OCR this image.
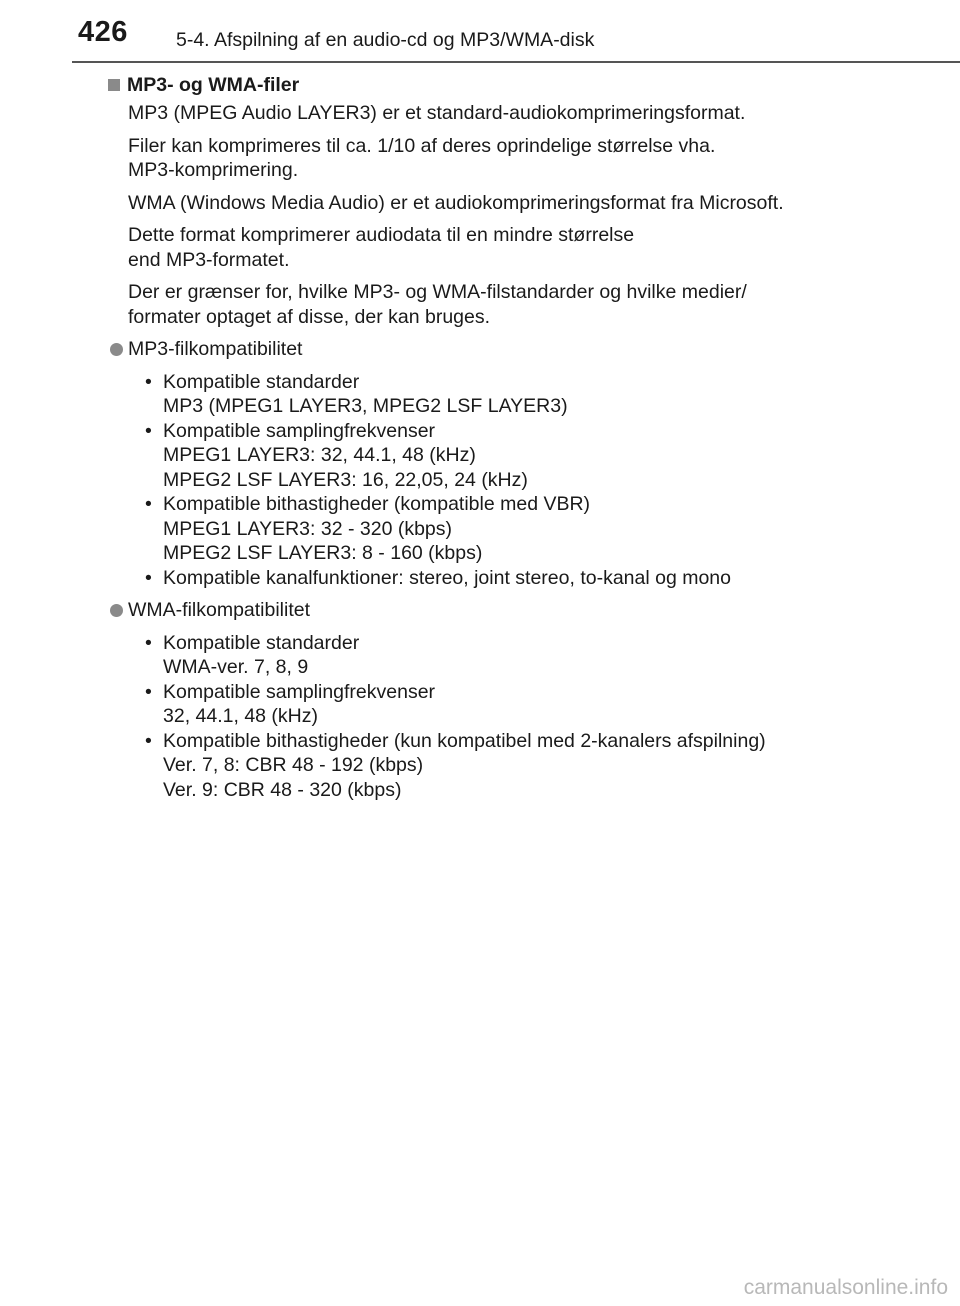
426 5-4. Afspilning af en audio-cd og MP3/WMA-disk
MP3- og WMA-filer
MP3 (MPEG Audio LAYER3) er et standard-audiokomprimeringsformat.
Filer kan komprimeres til ca. 1/10 af deres oprindelige størrelse vha.
MP3-komprimering.
WMA (Windows Media Audio) er et audiokomprimeringsformat fra Microsoft.
Dette format komprimerer audiodata til en mindre størrelse
end MP3-formatet.
Der er grænser for, hvilke MP3- og WMA-filstandarder og hvilke medier/
formater optaget af disse, der kan bruges.
MP3-filkompatibilitet
• Kompatible standarder
MP3 (MPEG1 LAYER3, MPEG2 LSF LAYER3)
• Kompatible samplingfrekvenser
MPEG1 LAYER3: 32, 44.1, 48 (kHz)
MPEG2 LSF LAYER3: 16, 22,05, 24 (kHz)
• Kompatible bithastigheder (kompatible med VBR)
MPEG1 LAYER3: 32 - 320 (kbps)
MPEG2 LSF LAYER3: 8 - 160 (kbps)
• Kompatible kanalfunktioner: stereo, joint stereo, to-kanal og mono
WMA-filkompatibilitet
• Kompatible standarder
WMA-ver. 7, 8, 9
• Kompatible samplingfrekvenser
32, 44.1, 48 (kHz)
• Kompatible bithastigheder (kun kompatibel med 2-kanalers afspilning)
Ver. 7, 8: CBR 48 - 192 (kbps)
Ver. 9: CBR 48 - 320 (kbps)
carmanualsonline.info
